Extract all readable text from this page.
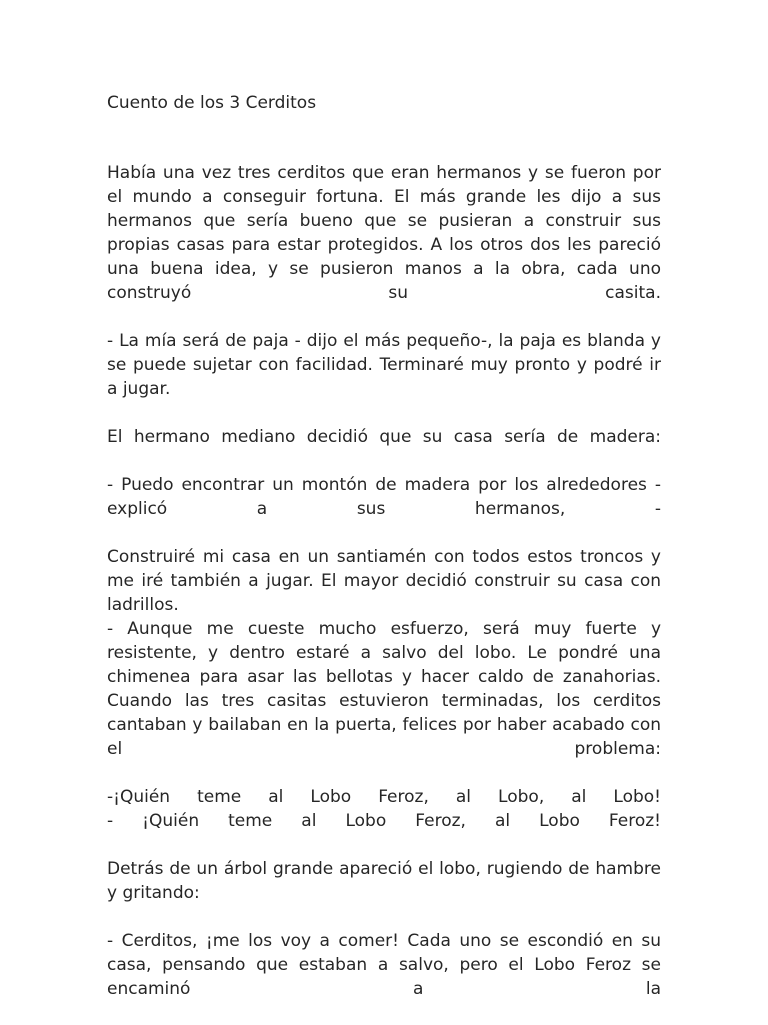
Cuento de los 3 Cerditos

Había una vez tres cerditos que eran hermanos y se fueron por el mundo a conseguir fortuna. El más grande les dijo a sus hermanos que sería bueno que se pusieran a construir sus propias casas para estar protegidos. A los otros dos les pareció una buena idea, y se pusieron manos a la obra, cada uno construyó su casita.

- La mía será de paja - dijo el más pequeño-, la paja es blanda y se puede sujetar con facilidad. Terminaré muy pronto y podré ir a jugar.

El hermano mediano decidió que su casa sería de madera:

- Puedo encontrar un montón de madera por los alrededores - explicó a sus hermanos, -

Construiré mi casa en un santiamén con todos estos troncos y me iré también a jugar. El mayor decidió construir su casa con ladrillos.

- Aunque me cueste mucho esfuerzo, será muy fuerte y resistente, y dentro estaré a salvo del lobo. Le pondré una chimenea para asar las bellotas y hacer caldo de zanahorias. Cuando las tres casitas estuvieron terminadas, los cerditos cantaban y bailaban en la puerta, felices por haber acabado con el problema:

-¡Quién teme al Lobo Feroz, al Lobo, al Lobo!

- ¡Quién teme al Lobo Feroz, al Lobo Feroz!

Detrás de un árbol grande apareció el lobo, rugiendo de hambre y gritando:

- Cerditos, ¡me los voy a comer! Cada uno se escondió en su casa, pensando que estaban a salvo, pero el Lobo Feroz se encaminó a la
